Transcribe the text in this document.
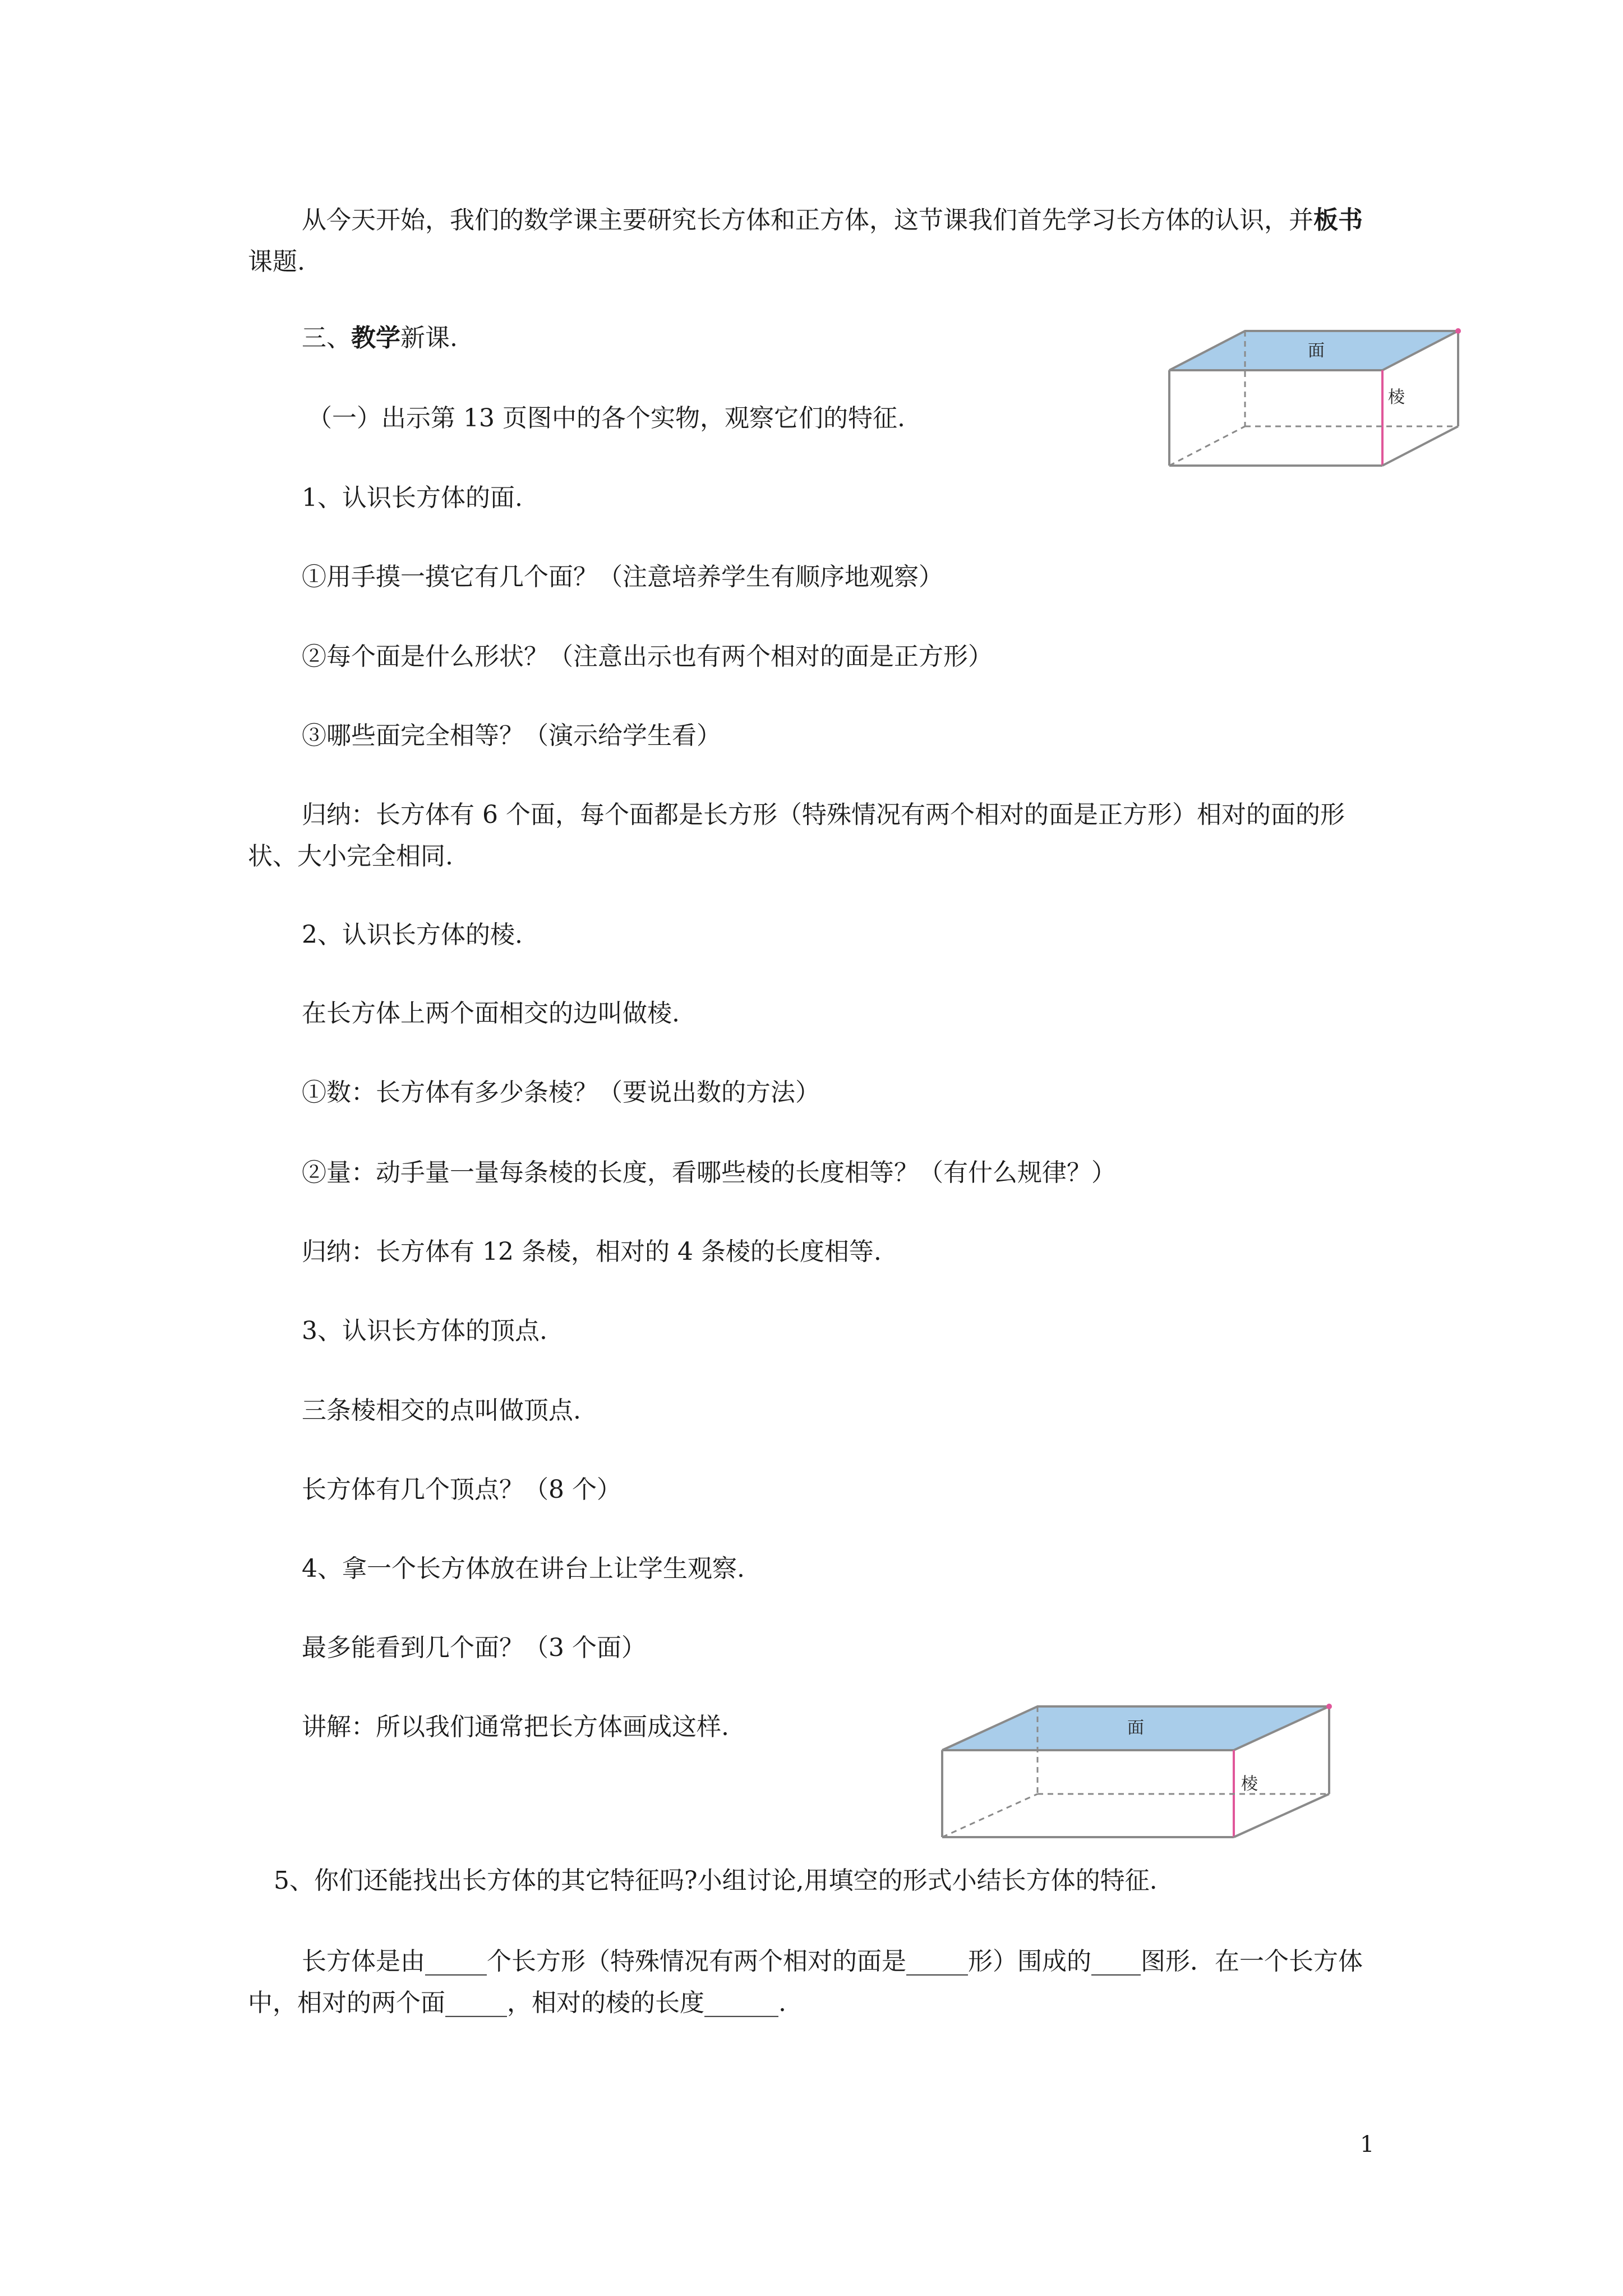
从今天开始，我们的数学课主要研究长方体和正方体，这节课我们首先学习长方体的认识，并板书课题.
三、教学新课.
（一）出示第 13 页图中的各个实物，观察它们的特征.
1、认识长方体的面.
①用手摸一摸它有几个面？（注意培养学生有顺序地观察）
②每个面是什么形状？（注意出示也有两个相对的面是正方形）
③哪些面完全相等？（演示给学生看）
归纳：长方体有 6 个面，每个面都是长方形（特殊情况有两个相对的面是正方形）相对的面的形状、大小完全相同.
2、认识长方体的棱.
在长方体上两个面相交的边叫做棱.
①数：长方体有多少条棱？（要说出数的方法）
②量：动手量一量每条棱的长度，看哪些棱的长度相等？（有什么规律？）
归纳：长方体有 12 条棱，相对的 4 条棱的长度相等.
3、认识长方体的顶点.
三条棱相交的点叫做顶点.
长方体有几个顶点？（8 个）
4、拿一个长方体放在讲台上让学生观察.
最多能看到几个面？（3 个面）
讲解：所以我们通常把长方体画成这样.
5、你们还能找出长方体的其它特征吗?小组讨论,用填空的形式小结长方体的特征.
长方体是由_____个长方形（特殊情况有两个相对的面是_____形）围成的____图形．在一个长方体中，相对的两个面_____，相对的棱的长度______.
面
棱
面
棱
1
